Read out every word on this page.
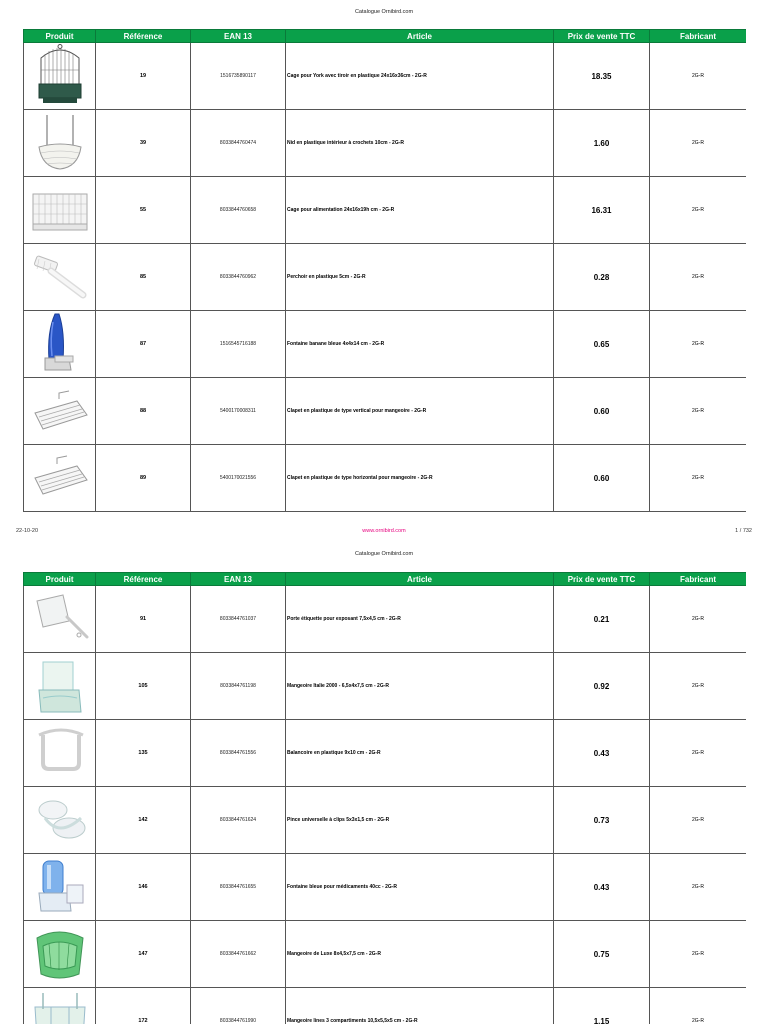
Catalogue Ornibird.com
Produit	Référence	EAN 13	Article	Prix de vente TTC	Fabricant

	19	1516735890117	Cage pour York avec tiroir en plastique 24x16x36cm - 2G-R	18.35	2G-R

	39	8033844760474	Nid en plastique intérieur à crochets 10cm - 2G-R	1.60	2G-R

	55	8033844760658	Cage pour alimentation 24x16x19h cm - 2G-R	16.31	2G-R

	85	8033844760962	Perchoir en plastique 5cm - 2G-R	0.28	2G-R

	87	1516545716188	Fontaine banane bleue 4x4x14 cm - 2G-R	0.65	2G-R

	88	5400170008311	Clapet en plastique de type vertical pour mangeoire - 2G-R	0.60	2G-R

	89	5400170021556	Clapet en plastique de type horizontal pour mangeoire - 2G-R	0.60	2G-R
22-10-20	www.ornibird.com	1 / 732
Catalogue Ornibird.com
Produit	Référence	EAN 13	Article	Prix de vente TTC	Fabricant

	91	8033844761037	Porte étiquette pour exposant 7,5x4,5 cm - 2G-R	0.21	2G-R

	105	8033844761198	Mangeoire Italie 2000 - 6,5x4x7,5 cm - 2G-R	0.92	2G-R

	135	8033844761556	Balancoire en plastique 9x10 cm - 2G-R	0.43	2G-R

	142	8033844761624	Pince universelle à clips 5x3x1,5 cm - 2G-R	0.73	2G-R

	146	8033844761655	Fontaine bleue pour médicaments 40cc - 2G-R	0.43	2G-R

	147	8033844761662	Mangeoire de Luxe 8x4,5x7,5 cm - 2G-R	0.75	2G-R

	172	8033844761990	Mangeoire lines 3 compartiments 10,5x5,5x5 cm - 2G-R	1.15	2G-R
